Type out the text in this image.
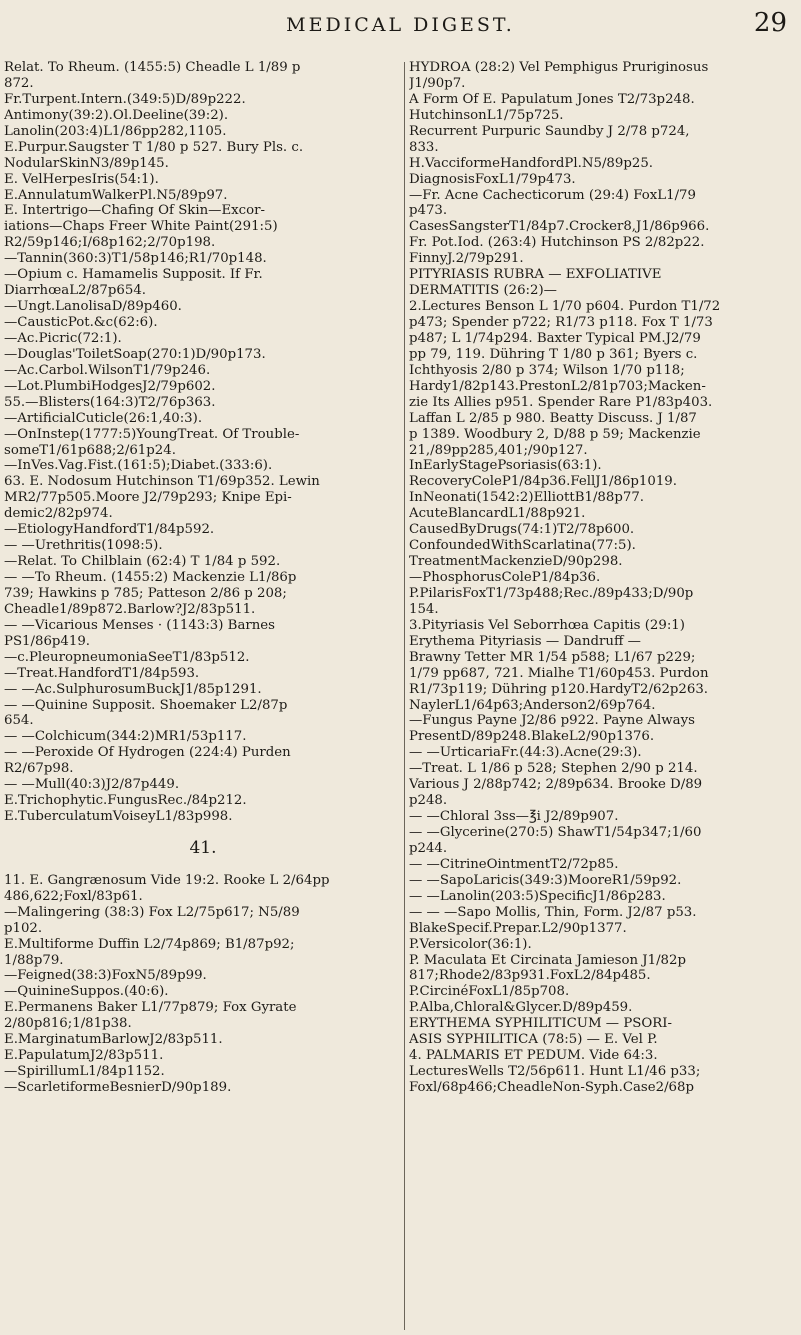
MEDICAL DIGEST.	29
Relat. To Rheum. (1455:5) Cheadle L 1/89 p
872.
Fr.Turpent.Intern.(349:5)D/89p222.
Antimony(39:2).Ol.Deeline(39:2).
Lanolin(203:4)L1/86pp282,1105.
E.Purpur.Saugster T 1/80 p 527. Bury Pls. c.
NodularSkinN3/89p145.
E. VelHerpesIris(54:1).
E.AnnulatumWalkerPl.N5/89p97.
E. Intertrigo—Chafing Of Skin—Excor-
iations—Chaps Freer White Paint(291:5)
R2/59p146;I/68p162;2/70p198.
—Tannin(360:3)T1/58p146;R1/70p148.
—Opium c. Hamamelis Supposit. If Fr.
DiarrhœaL2/87p654.
—Ungt.LanolisaD/89p460.
—CausticPot.&c(62:6).
—Ac.Picric(72:1).
—Douglas'ToiletSoap(270:1)D/90p173.
—Ac.Carbol.WilsonT1/79p246.
—Lot.PlumbiHodgesJ2/79p602.
55.—Blisters(164:3)T2/76p363.
—ArtificialCuticle(26:1,40:3).
—OnInstep(1777:5)YoungTreat. Of Trouble-
someT1/61p688;2/61p24.
—InVes.Vag.Fist.(161:5);Diabet.(333:6).
63. E. Nodosum Hutchinson T1/69p352. Lewin
MR2/77p505.Moore J2/79p293; Knipe Epi-
demic2/82p974.
—EtiologyHandfordT1/84p592.
— —Urethritis(1098:5).
—Relat. To Chilblain (62:4) T 1/84 p 592.
— —To Rheum. (1455:2) Mackenzie L1/86p
739; Hawkins p 785; Patteson 2/86 p 208;
Cheadle1/89p872.Barlow?J2/83p511.
— —Vicarious Menses · (1143:3) Barnes
PS1/86p419.
—c.PleuropneumoniaSeeT1/83p512.
—Treat.HandfordT1/84p593.
— —Ac.SulphurosumBuckJ1/85p1291.
— —Quinine Supposit. Shoemaker L2/87p
654.
— —Colchicum(344:2)MR1/53p117.
— —Peroxide Of Hydrogen (224:4) Purden
R2/67p98.
— —Mull(40:3)J2/87p449.
E.Trichophytic.FungusRec./84p212.
E.TuberculatumVoiseyL1/83p998.
41.
11. E. Gangrænosum Vide 19:2. Rooke L 2/64pp
486,622;Foxl/83p61.
—Malingering (38:3) Fox L2/75p617; N5/89
p102.
E.Multiforme Duffin L2/74p869; B1/87p92;
1/88p79.
—Feigned(38:3)FoxN5/89p99.
—QuinineSuppos.(40:6).
E.Permanens Baker L1/77p879; Fox Gyrate
2/80p816;1/81p38.
E.MarginatumBarlowJ2/83p511.
E.PapulatumJ2/83p511.
—SpirillumL1/84p1152.
—ScarletiformeBesnierD/90p189.
HYDROA (28:2) Vel Pemphigus Pruriginosus
J1/90p7.
A Form Of E. Papulatum Jones T2/73p248.
HutchinsonL1/75p725.
Recurrent Purpuric Saundby J 2/78 p724,
833.
H.VacciformeHandfordPl.N5/89p25.
DiagnosisFoxL1/79p473.
—Fr. Acne Cachecticorum (29:4) FoxL1/79
p473.
CasesSangsterT1/84p7.Crocker8,J1/86p966.
Fr. Pot.Iod. (263:4) Hutchinson PS 2/82p22.
FinnyJ.2/79p291.
PITYRIASIS RUBRA — EXFOLIATIVE
DERMATITIS (26:2)—
2.Lectures Benson L 1/70 p604. Purdon T1/72
p473; Spender p722; R1/73 p118. Fox T 1/73
p487; L 1/74p294. Baxter Typical PM.J2/79
pp 79, 119. Dühring T 1/80 p 361; Byers c.
Ichthyosis 2/80 p 374; Wilson 1/70 p118;
Hardy1/82p143.PrestonL2/81p703;Macken-
zie Its Allies p951. Spender Rare P1/83p403.
Laffan L 2/85 p 980. Beatty Discuss. J 1/87
p 1389. Woodbury 2, D/88 p 59; Mackenzie
21,/89pp285,401;/90p127.
InEarlyStagePsoriasis(63:1).
RecoveryColeP1/84p36.FellJ1/86p1019.
InNeonati(1542:2)ElliottB1/88p77.
AcuteBlancardL1/88p921.
CausedByDrugs(74:1)T2/78p600.
ConfoundedWithScarlatina(77:5).
TreatmentMackenzieD/90p298.
—PhosphorusColeP1/84p36.
P.PilarisFoxT1/73p488;Rec./89p433;D/90p
154.
3.Pityriasis Vel Seborrhœa Capitis (29:1)
Erythema Pityriasis — Dandruff —
Brawny Tetter MR 1/54 p588; L1/67 p229;
1/79 pp687, 721. Mialhe T1/60p453. Purdon
R1/73p119; Dühring p120.HardyT2/62p263.
NaylerL1/64p63;Anderson2/69p764.
—Fungus Payne J2/86 p922. Payne Always
PresentD/89p248.BlakeL2/90p1376.
— —UrticariaFr.(44:3).Acne(29:3).
—Treat. L 1/86 p 528; Stephen 2/90 p 214.
Various J 2/88p742; 2/89p634. Brooke D/89
p248.
— —Chloral 3ss—℥i J2/89p907.
— —Glycerine(270:5) ShawT1/54p347;1/60
p244.
— —CitrineOintmentT2/72p85.
— —SapoLaricis(349:3)MooreR1/59p92.
— —Lanolin(203:5)SpecificJ1/86p283.
— — —Sapo Mollis, Thin, Form. J2/87 p53.
BlakeSpecif.Prepar.L2/90p1377.
P.Versicolor(36:1).
P. Maculata Et Circinata Jamieson J1/82p
817;Rhode2/83p931.FoxL2/84p485.
P.CircinéFoxL1/85p708.
P.Alba,Chloral&Glycer.D/89p459.
ERYTHEMA SYPHILITICUM — PSORI-
ASIS SYPHILITICA (78:5) — E. Vel P.
4. PALMARIS ET PEDUM. Vide 64:3.
LecturesWells T2/56p611. Hunt L1/46 p33;
Foxl/68p466;CheadleNon-Syph.Case2/68p
